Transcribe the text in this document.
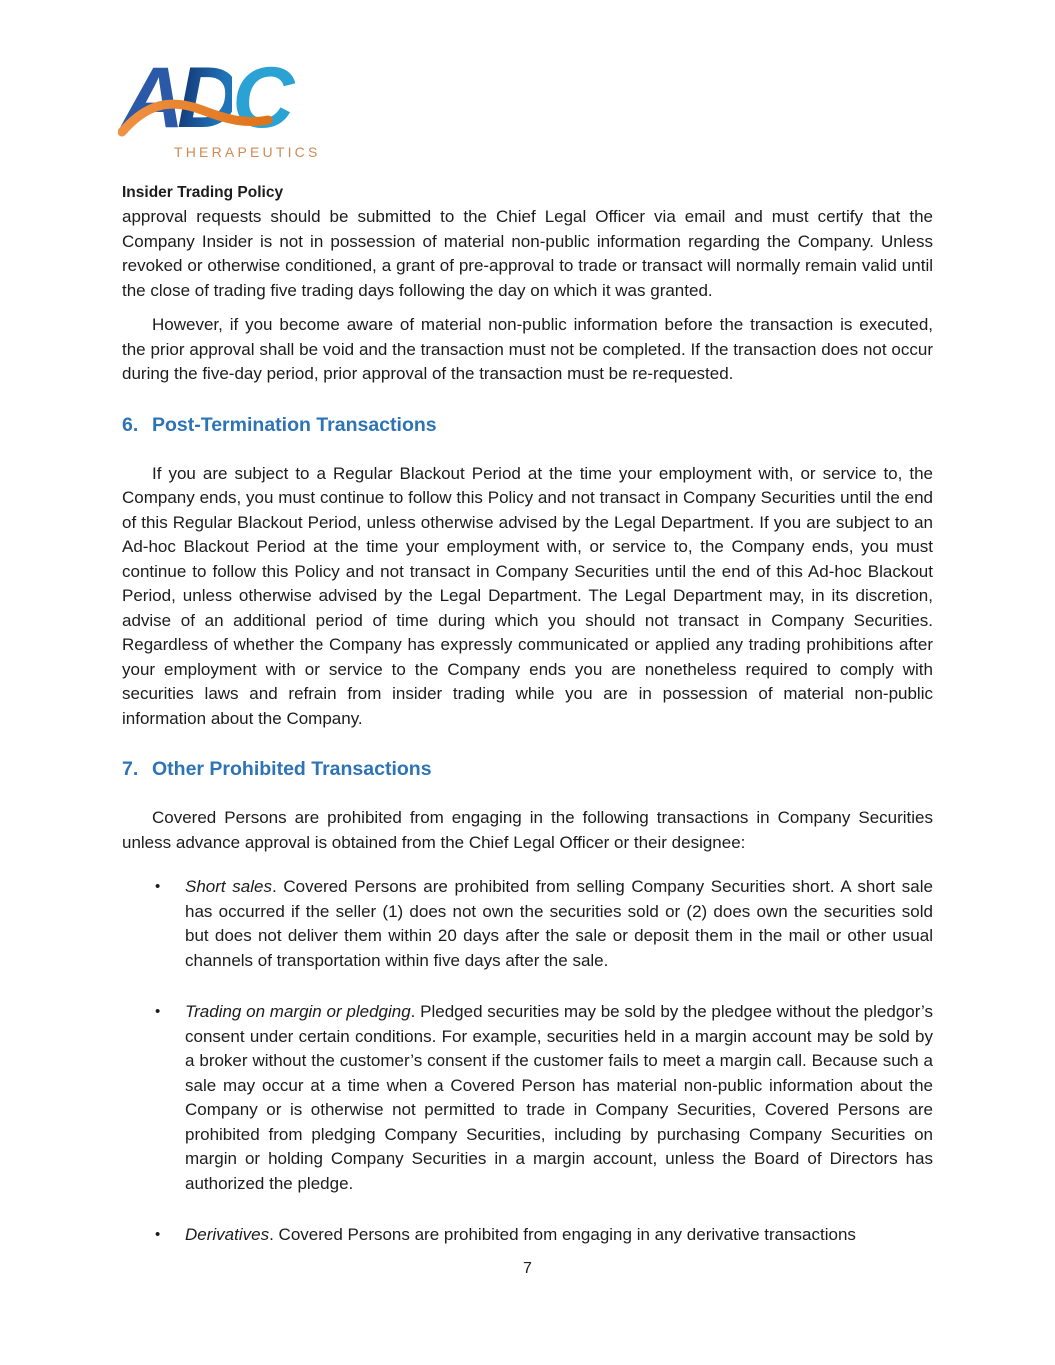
ADC
THERAPEUTICS
Insider Trading Policy

approval requests should be submitted to the Chief Legal Officer via email and must certify that the Company Insider is not in possession of material non-public information regarding the Company. Unless revoked or otherwise conditioned, a grant of pre-approval to trade or transact will normally remain valid until the close of trading five trading days following the day on which it was granted.

However, if you become aware of material non-public information before the transaction is executed, the prior approval shall be void and the transaction must not be completed. If the transaction does not occur during the five-day period, prior approval of the transaction must be re-requested.

6. Post-Termination Transactions

If you are subject to a Regular Blackout Period at the time your employment with, or service to, the Company ends, you must continue to follow this Policy and not transact in Company Securities until the end of this Regular Blackout Period, unless otherwise advised by the Legal Department. If you are subject to an Ad-hoc Blackout Period at the time your employment with, or service to, the Company ends, you must continue to follow this Policy and not transact in Company Securities until the end of this Ad-hoc Blackout Period, unless otherwise advised by the Legal Department. The Legal Department may, in its discretion, advise of an additional period of time during which you should not transact in Company Securities. Regardless of whether the Company has expressly communicated or applied any trading prohibitions after your employment with or service to the Company ends you are nonetheless required to comply with securities laws and refrain from insider trading while you are in possession of material non-public information about the Company.

7. Other Prohibited Transactions

Covered Persons are prohibited from engaging in the following transactions in Company Securities unless advance approval is obtained from the Chief Legal Officer or their designee:

•	Short sales. Covered Persons are prohibited from selling Company Securities short. A short sale has occurred if the seller (1) does not own the securities sold or (2) does own the securities sold but does not deliver them within 20 days after the sale or deposit them in the mail or other usual channels of transportation within five days after the sale.
•	Trading on margin or pledging. Pledged securities may be sold by the pledgee without the pledgor’s consent under certain conditions. For example, securities held in a margin account may be sold by a broker without the customer’s consent if the customer fails to meet a margin call. Because such a sale may occur at a time when a Covered Person has material non-public information about the Company or is otherwise not permitted to trade in Company Securities, Covered Persons are prohibited from pledging Company Securities, including by purchasing Company Securities on margin or holding Company Securities in a margin account, unless the Board of Directors has authorized the pledge.
•	Derivatives. Covered Persons are prohibited from engaging in any derivative transactions
7
